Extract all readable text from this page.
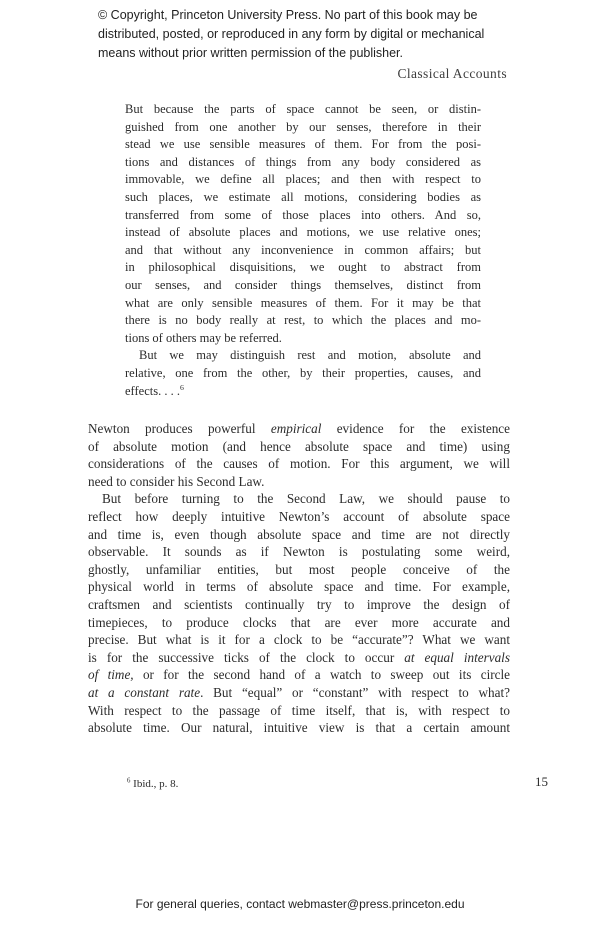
© Copyright, Princeton University Press. No part of this book may be
distributed, posted, or reproduced in any form by digital or mechanical
means without prior written permission of the publisher.
Classical Accounts
But because the parts of space cannot be seen, or distin-
guished from one another by our senses, therefore in their
stead we use sensible measures of them. For from the posi-
tions and distances of things from any body considered as
immovable, we define all places; and then with respect to
such places, we estimate all motions, considering bodies as
transferred from some of those places into others. And so,
instead of absolute places and motions, we use relative ones;
and that without any inconvenience in common affairs; but
in philosophical disquisitions, we ought to abstract from
our senses, and consider things themselves, distinct from
what are only sensible measures of them. For it may be that
there is no body really at rest, to which the places and mo-
tions of others may be referred.
But we may distinguish rest and motion, absolute and
relative, one from the other, by their properties, causes, and
effects. . . .$^6$
Newton produces powerful empirical evidence for the existence
of absolute motion (and hence absolute space and time) using
considerations of the causes of motion. For this argument, we will
need to consider his Second Law.
But before turning to the Second Law, we should pause to
reflect how deeply intuitive Newton’s account of absolute space
and time is, even though absolute space and time are not directly
observable. It sounds as if Newton is postulating some weird,
ghostly, unfamiliar entities, but most people conceive of the
physical world in terms of absolute space and time. For example,
craftsmen and scientists continually try to improve the design of
timepieces, to produce clocks that are ever more accurate and
precise. But what is it for a clock to be “accurate”? What we want
is for the successive ticks of the clock to occur at equal intervals
of time, or for the second hand of a watch to sweep out its circle
at a constant rate. But “equal” or “constant” with respect to what?
With respect to the passage of time itself, that is, with respect to
absolute time. Our natural, intuitive view is that a certain amount
$^6$ Ibid., p. 8.	15
For general queries, contact webmaster@press.princeton.edu
